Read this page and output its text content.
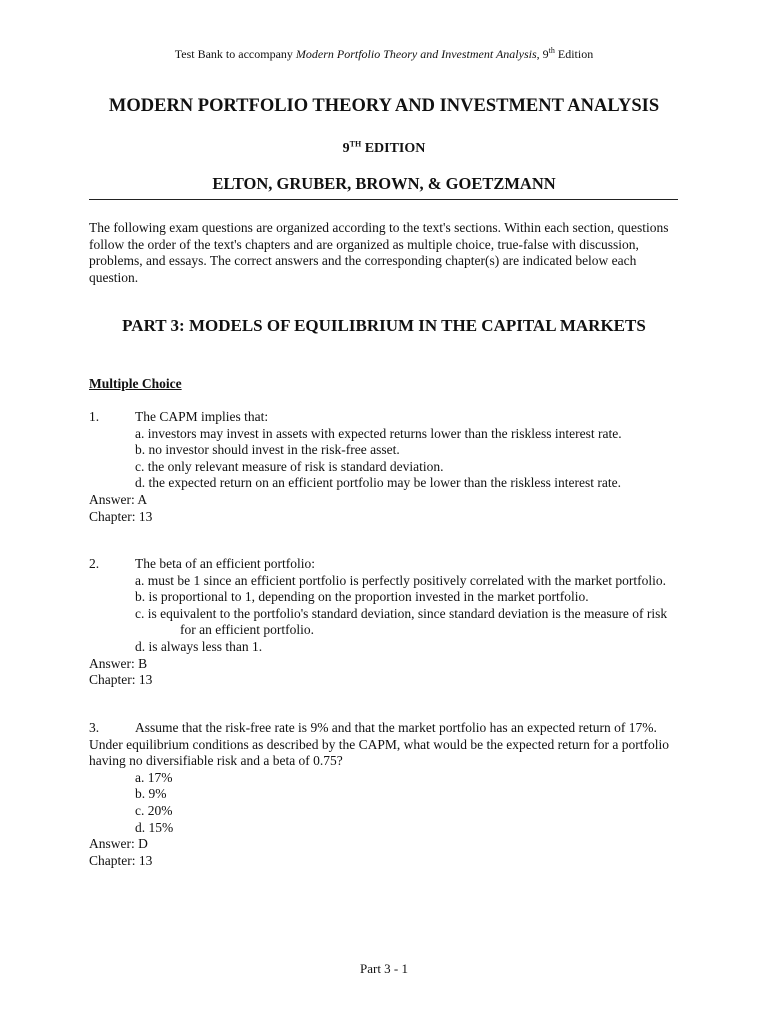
Test Bank to accompany Modern Portfolio Theory and Investment Analysis, 9th Edition
MODERN PORTFOLIO THEORY AND INVESTMENT ANALYSIS
9TH EDITION
ELTON, GRUBER, BROWN, & GOETZMANN
The following exam questions are organized according to the text's sections. Within each section, questions
follow the order of the text's chapters and are organized as multiple choice, true-false with discussion,
problems, and essays. The correct answers and the corresponding chapter(s) are indicated below each
question.
PART 3: MODELS OF EQUILIBRIUM IN THE CAPITAL MARKETS
Multiple Choice
1.	The CAPM implies that:
a. investors may invest in assets with expected returns lower than the riskless interest rate.
b. no investor should invest in the risk-free asset.
c. the only relevant measure of risk is standard deviation.
d. the expected return on an efficient portfolio may be lower than the riskless interest rate.
Answer: A
Chapter: 13
2.	The beta of an efficient portfolio:
a. must be 1 since an efficient portfolio is perfectly positively correlated with the market portfolio.
b. is proportional to 1, depending on the proportion invested in the market portfolio.
c. is equivalent to the portfolio's standard deviation, since standard deviation is the measure of risk
for an efficient portfolio.
d. is always less than 1.
Answer: B
Chapter: 13
3.	Assume that the risk-free rate is 9% and that the market portfolio has an expected return of 17%.
Under equilibrium conditions as described by the CAPM, what would be the expected return for a portfolio
having no diversifiable risk and a beta of 0.75?
a. 17%
b. 9%
c. 20%
d. 15%
Answer: D
Chapter: 13
Part 3 - 1
